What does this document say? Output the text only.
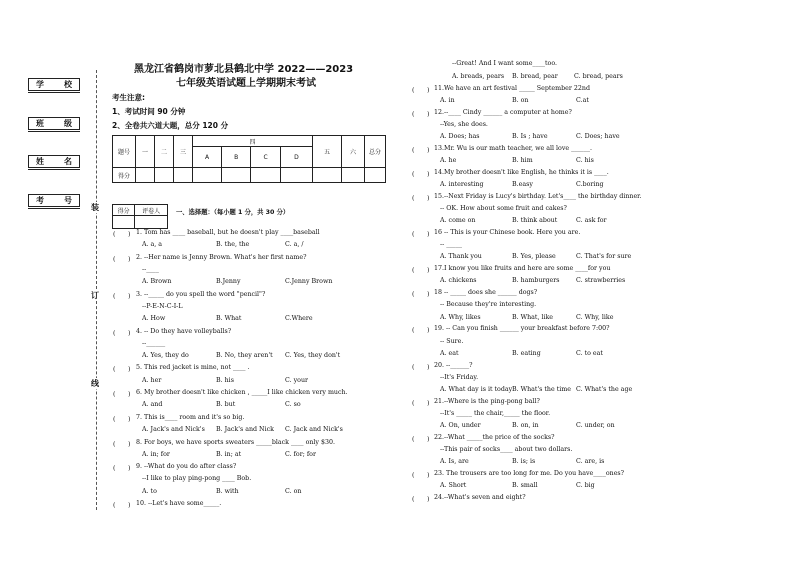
学	校
班	级
姓	名
考	号
装
订
线
黑龙江省鹤岗市萝北县鹤北中学 2022——2023
七年级英语试题上学期期末考试
考生注意:
1、考试时间 90 分钟
2、全卷共六道大题，总分 120 分
题号	一	二	三	四				五	六	总分
				A	B	C	D			
得分										
得分	评卷人
		一、选择题：（每小题 1 分，共 30 分）
(　　) 1. Tom has ____ baseball, but he doesn't play ____baseball
A. a, a	B. the, the	C. a, /
(　　) 2. --Her name is Jenny Brown. What's her first name?
--____
A. Brown	B.Jenny	C.Jenny Brown
(　　) 3. --_____ do you spell the word "pencil"?
--P-E-N-C-I-L
A. How	B. What	C.Where
(　　) 4. -- Do they have volleyballs?
--______
A. Yes, they do	B. No, they aren't C. Yes, they don't
(　　) 5. This red jacket is mine, not ____ .
A. her	B. his	C. your
(　　) 6. My brother doesn't like chicken , _____I like chicken very much.
A. and	B. but	C. so
(　　) 7. This is____ room and it's so big.
A. Jack's and Nick's B. Jack's and Nick C. Jack and Nick's
(　　) 8. For boys, we have sports sweaters _____black ____ only $30.
A. in; for	B. in; at	C. for; for
(　　) 9. --What do you do after class?
--I like to play ping-pong ____ Bob.
A. to	B. with	C. on
(　　) 10. --Let's have some_____.
--Great! And I want some____too.
A. breads, pears B. bread, pear	C. bread, pears
(　　) 11.We have an art festival _____ September 22nd
A. in	B. on	C.at
(　　) 12.--____ Cindy ______ a computer at home?
--Yes, she does.
A. Does; has	B. Is ; have	C. Does; have
(　　) 13.Mr. Wu is our math teacher, we all love ______.
A. he	B. him	C. his
(　　) 14.My brother doesn't like English, he thinks it is ____.
A. interesting	B.easy	C.boring
(　　) 15.--Next Friday is Lucy's birthday. Let's____ the birthday dinner.
-- OK. How about some fruit and cakes?
A. come on	B. think about	C. ask for
(　　) 16 -- This is your Chinese book. Here you are.
-- _____
A. Thank you	B. Yes, please	C. That's for sure
(　　) 17.I know you like fruits and here are some ____for you
A. chickens	B. hamburgers	C. strawberries
(　　) 18 -- _____ does she ______ dogs?
-- Because they're interesting.
A. Why, likes	B. What, like	C. Why, like
(　　) 19. -- Can you finish ______ your breakfast before 7:00?
-- Sure.
A. eat	B. eating	C. to eat
(　　) 20. --______?
--It's Friday.
A. What day is it today B. What's the time C. What's the age
(　　) 21.--Where is the ping-pong ball?
--It's _____ the chair,_____ the floor.
A. On, under	B. on, in	C. under, on
(　　) 22.--What _____the price of the socks?
--This pair of socks____ about two dollars.
A. Is, are	B. is; is	C. are, is
(　　) 23. The trousers are too long for me. Do you have____ones?
A. Short	B. small	C. big
(　　) 24.--What's seven and eight?
